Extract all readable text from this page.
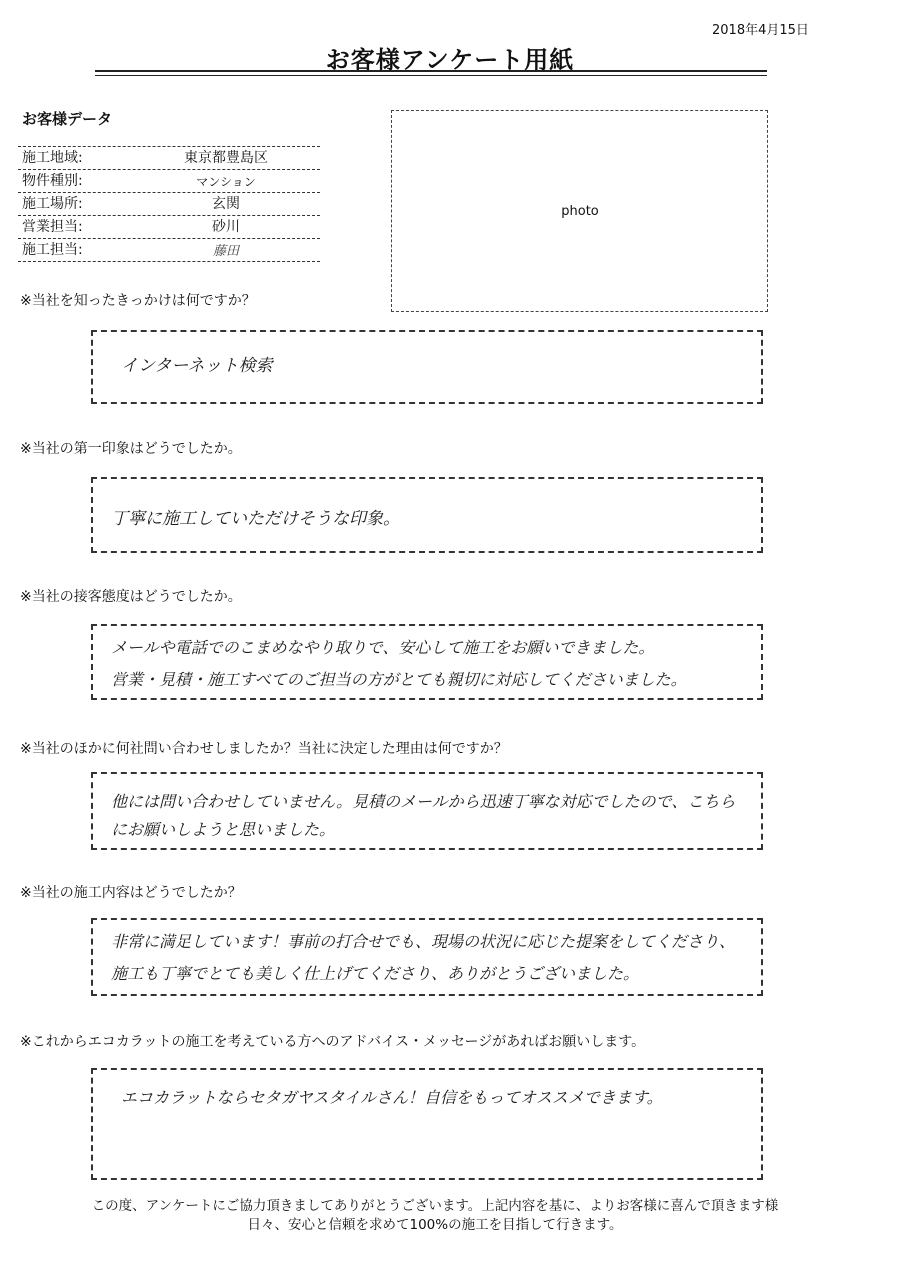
2018年4月15日
お客様アンケート用紙
お客様データ
施工地域:	東京都豊島区
物件種別:	マンション
施工場所:	玄関
営業担当:	砂川
施工担当:	藤田
photo
※当社を知ったきっかけは何ですか？
インターネット検索
※当社の第一印象はどうでしたか。
丁寧に施工していただけそうな印象。
※当社の接客態度はどうでしたか。
メールや電話でのこまめなやり取りで、安心して施工をお願いできました。
営業・見積・施工すべてのご担当の方がとても親切に対応してくださいました。
※当社のほかに何社問い合わせしましたか？当社に決定した理由は何ですか？
他には問い合わせしていません。見積のメールから迅速丁寧な対応でしたので、こちらにお願いしようと思いました。
※当社の施工内容はどうでしたか？
非常に満足しています！事前の打合せでも、現場の状況に応じた提案をしてくださり、施工も丁寧でとても美しく仕上げてくださり、ありがとうございました。
※これからエコカラットの施工を考えている方へのアドバイス・メッセージがあればお願いします。
エコカラットならセタガヤスタイルさん！自信をもってオススメできます。
この度、アンケートにご協力頂きましてありがとうございます。上記内容を基に、よりお客様に喜んで頂きます様
日々、安心と信頼を求めて100%の施工を目指して行きます。
